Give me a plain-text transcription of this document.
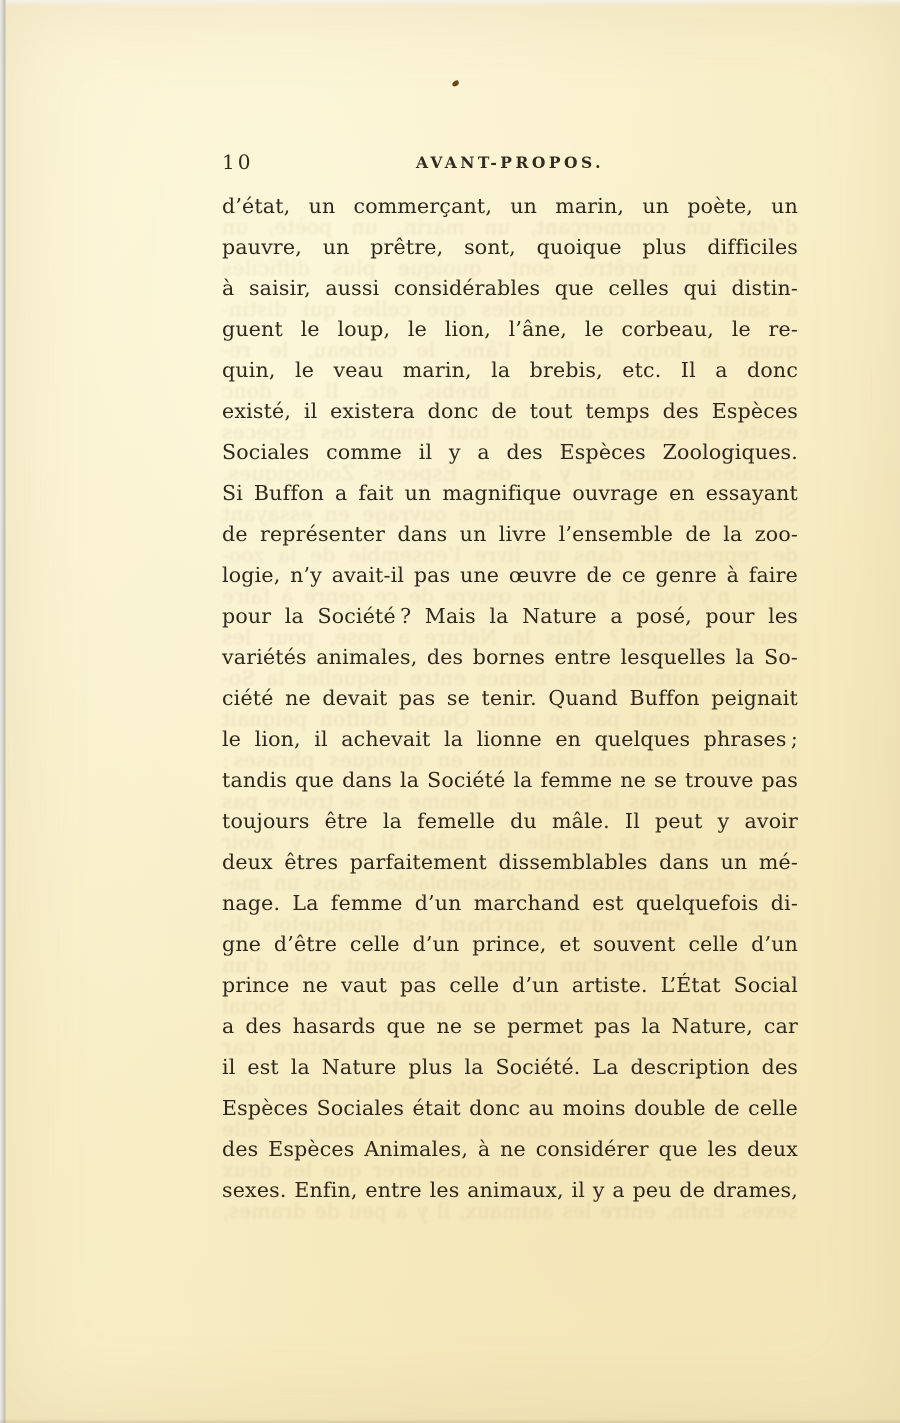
10	AVANT-PROPOS.
d’état, un commerçant, un marin, un poète, un
pauvre, un prêtre, sont, quoique plus difficiles
à saisir, aussi considérables que celles qui distin-
guent le loup, le lion, l’âne, le corbeau, le re-
quin, le veau marin, la brebis, etc. Il a donc
existé, il existera donc de tout temps des Espèces
Sociales comme il y a des Espèces Zoologiques.
Si Buffon a fait un magnifique ouvrage en essayant
de représenter dans un livre l’ensemble de la zoo-
logie, n’y avait-il pas une œuvre de ce genre à faire
pour la Société ? Mais la Nature a posé, pour les
variétés animales, des bornes entre lesquelles la So-
ciété ne devait pas se tenir. Quand Buffon peignait
le lion, il achevait la lionne en quelques phrases ;
tandis que dans la Société la femme ne se trouve pas
toujours être la femelle du mâle. Il peut y avoir
deux êtres parfaitement dissemblables dans un mé-
nage. La femme d’un marchand est quelquefois di-
gne d’être celle d’un prince, et souvent celle d’un
prince ne vaut pas celle d’un artiste. L’État Social
a des hasards que ne se permet pas la Nature, car
il est la Nature plus la Société. La description des
Espèces Sociales était donc au moins double de celle
des Espèces Animales, à ne considérer que les deux
sexes. Enfin, entre les animaux, il y a peu de drames,
d’état, un commerçant, un marin, un poète, un
pauvre, un prêtre, sont, quoique plus difficiles
à saisir, aussi considérables que celles qui distin-
guent le loup, le lion, l’âne, le corbeau, le re-
quin, le veau marin, la brebis, etc. Il a donc
existé, il existera donc de tout temps des Espèces
Sociales comme il y a des Espèces Zoologiques.
Si Buffon a fait un magnifique ouvrage en essayant
de représenter dans un livre l’ensemble de la zoo-
logie, n’y avait-il pas une œuvre de ce genre à faire
pour la Société ? Mais la Nature a posé, pour les
variétés animales, des bornes entre lesquelles la So-
ciété ne devait pas se tenir. Quand Buffon peignait
le lion, il achevait la lionne en quelques phrases ;
tandis que dans la Société la femme ne se trouve pas
toujours être la femelle du mâle. Il peut y avoir
deux êtres parfaitement dissemblables dans un mé-
nage. La femme d’un marchand est quelquefois di-
gne d’être celle d’un prince, et souvent celle d’un
prince ne vaut pas celle d’un artiste. L’État Social
a des hasards que ne se permet pas la Nature, car
il est la Nature plus la Société. La description des
Espèces Sociales était donc au moins double de celle
des Espèces Animales, à ne considérer que les deux
sexes. Enfin, entre les animaux, il y a peu de drames,
